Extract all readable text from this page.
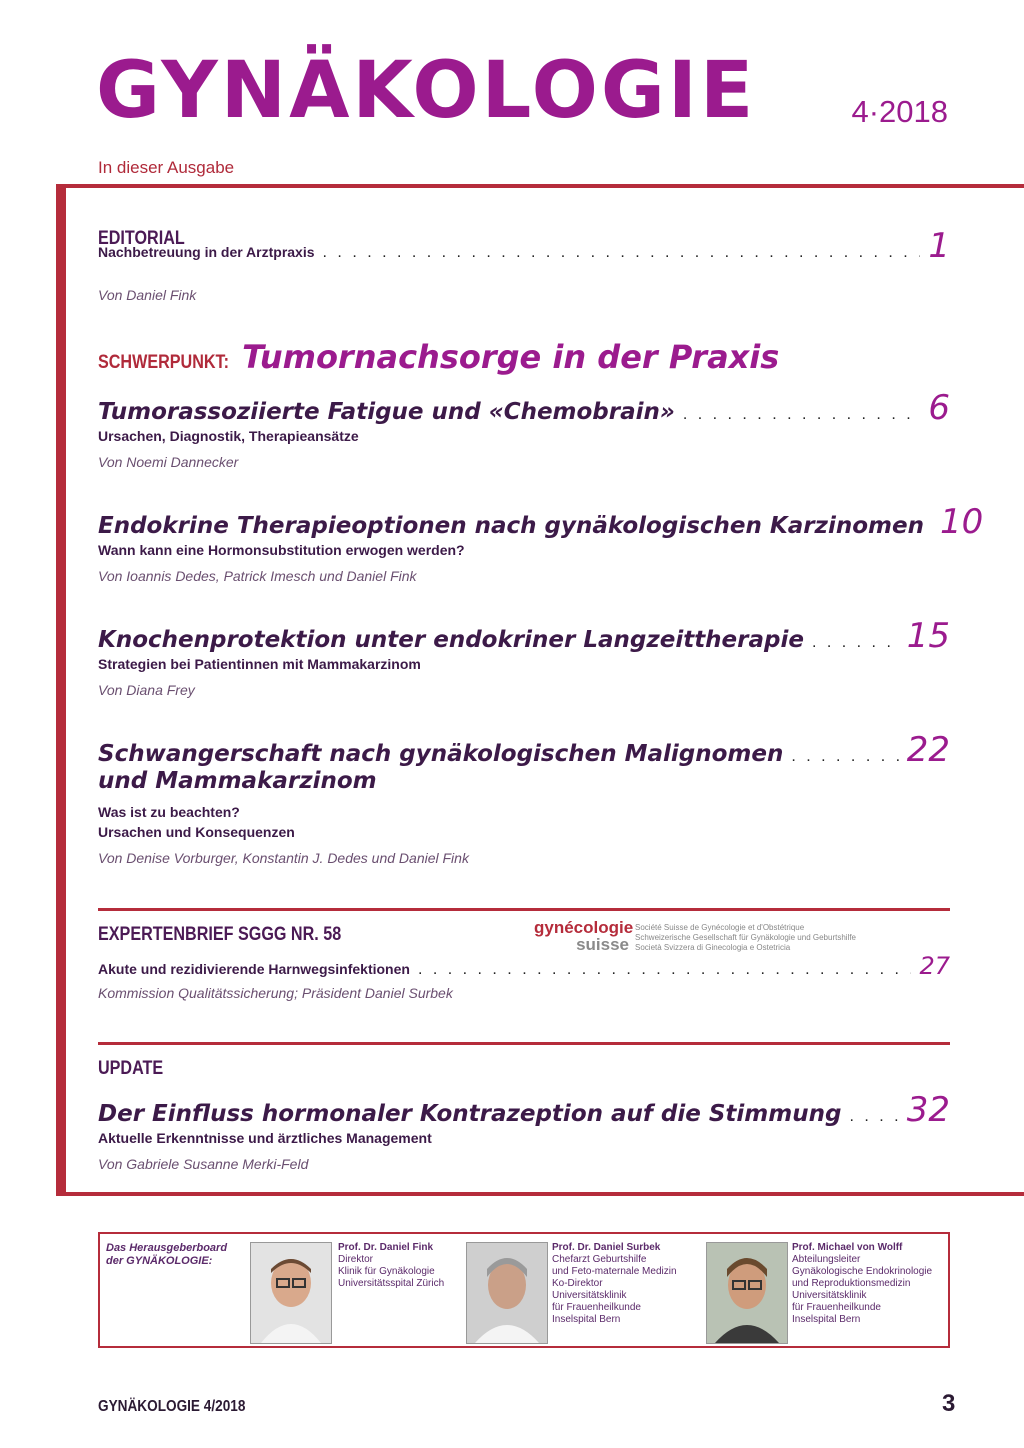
GYNÄKOLOGIE	4·2018
In dieser Ausgabe
EDITORIAL
Nachbetreuung in der Arztpraxis . . .	1
Von Daniel Fink
SCHWERPUNKT: Tumornachsorge in der Praxis
Tumorassoziierte Fatigue und «Chemobrain» . . .	6
Ursachen, Diagnostik, Therapieansätze
Von Noemi Dannecker
Endokrine Therapieoptionen nach gynäkologischen Karzinomen 10
Wann kann eine Hormonsubstitution erwogen werden?
Von Ioannis Dedes, Patrick Imesch und Daniel Fink
Knochenprotektion unter endokriner Langzeittherapie . . .	15
Strategien bei Patientinnen mit Mammakarzinom
Von Diana Frey
Schwangerschaft nach gynäkologischen Malignomen . . .	22
und Mammakarzinom
Was ist zu beachten?
Ursachen und Konsequenzen
Von Denise Vorburger, Konstantin J. Dedes und Daniel Fink
EXPERTENBRIEF SGGG NR. 58	gynécologie
suisse
Société Suisse de Gynécologie et d'Obstétrique
Schweizerische Gesellschaft für Gynäkologie und Geburtshilfe
Società Svizzera di Ginecologia e Ostetricia
Akute und rezidivierende Harnwegsinfektionen . . .	27
Kommission Qualitätssicherung; Präsident Daniel Surbek
UPDATE
Der Einfluss hormonaler Kontrazeption auf die Stimmung . . . 32
Aktuelle Erkenntnisse und ärztliches Management
Von Gabriele Susanne Merki-Feld
Das Herausgeberboard
der GYNÄKOLOGIE:
Prof. Dr. Daniel Fink
Direktor
Klinik für Gynäkologie
Universitätsspital Zürich
Prof. Dr. Daniel Surbek
Chefarzt Geburtshilfe
und Feto-maternale Medizin
Ko-Direktor
Universitätsklinik
für Frauenheilkunde
Inselspital Bern
Prof. Michael von Wolff
Abteilungsleiter
Gynäkologische Endokrinologie
und Reproduktionsmedizin
Universitätsklinik
für Frauenheilkunde
Inselspital Bern
GYNÄKOLOGIE 4/2018	3
